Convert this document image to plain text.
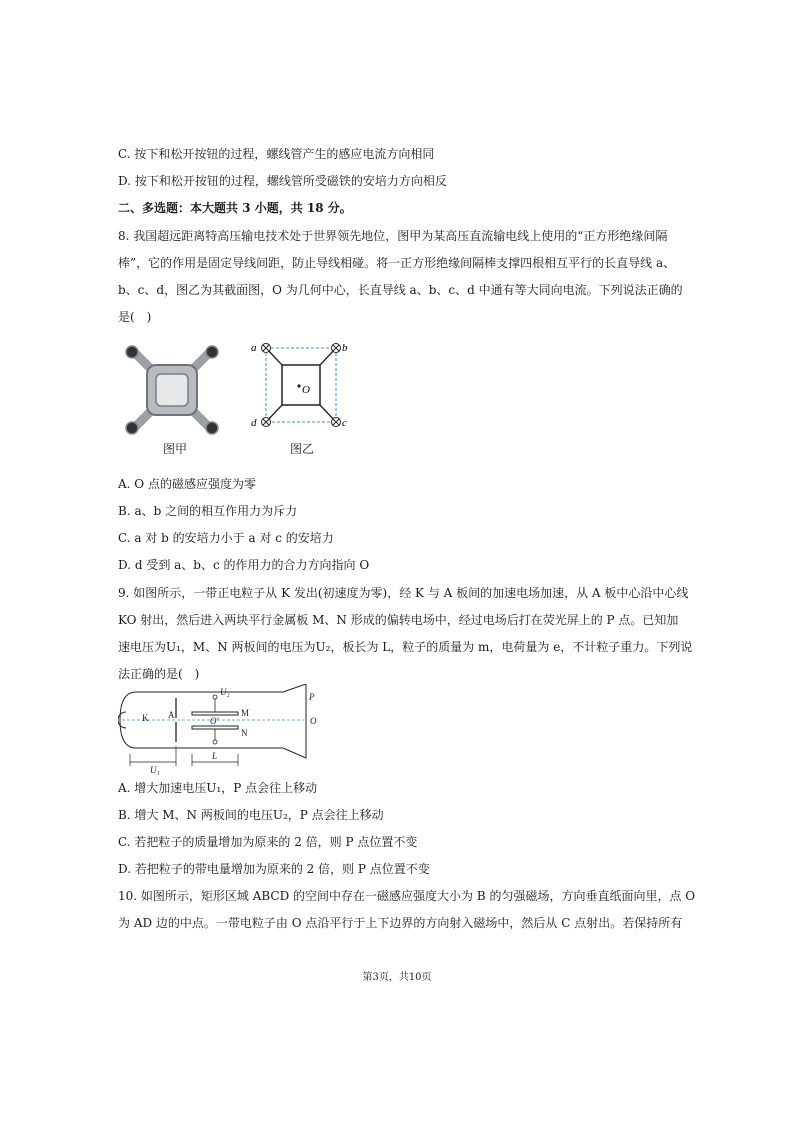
C. 按下和松开按钮的过程，螺线管产生的感应电流方向相同
D. 按下和松开按钮的过程，螺线管所受磁铁的安培力方向相反
二、多选题：本大题共 3 小题，共 18 分。
8. 我国超远距离特高压输电技术处于世界领先地位，图甲为某高压直流输电线上使用的“正方形绝缘间隔
棒”，它的作用是固定导线间距，防止导线相碰。将一正方形绝缘间隔棒支撑四根相互平行的长直导线 a、
b、c、d，图乙为其截面图，O 为几何中心，长直导线 a、b、c、d 中通有等大同向电流。下列说法正确的
是(　)
图甲
a	b
c
d
O
图乙
A. O 点的磁感应强度为零
B. a、b 之间的相互作用力为斥力
C. a 对 b 的安培力小于 a 对 c 的安培力
D. d 受到 a、b、c 的作用力的合力方向指向 O
9. 如图所示，一带正电粒子从 K 发出(初速度为零)，经 K 与 A 板间的加速电场加速，从 A 板中心沿中心线
KO 射出，然后进入两块平行金属板 M、N 形成的偏转电场中，经过电场后打在荧光屏上的 P 点。已知加
速电压为U₁，M、N 两板间的电压为U₂，板长为 L，粒子的质量为 m，电荷量为 e，不计粒子重力。下列说
法正确的是(　)
U₂	P
K A	M
O′	O
N
U₁
L
A. 增大加速电压U₁，P 点会往上移动
B. 增大 M、N 两板间的电压U₂，P 点会往上移动
C. 若把粒子的质量增加为原来的 2 倍，则 P 点位置不变
D. 若把粒子的带电量增加为原来的 2 倍，则 P 点位置不变
10. 如图所示，矩形区域 ABCD 的空间中存在一磁感应强度大小为 B 的匀强磁场，方向垂直纸面向里，点 O
为 AD 边的中点。一带电粒子由 O 点沿平行于上下边界的方向射入磁场中，然后从 C 点射出。若保持所有
第3页，共10页
